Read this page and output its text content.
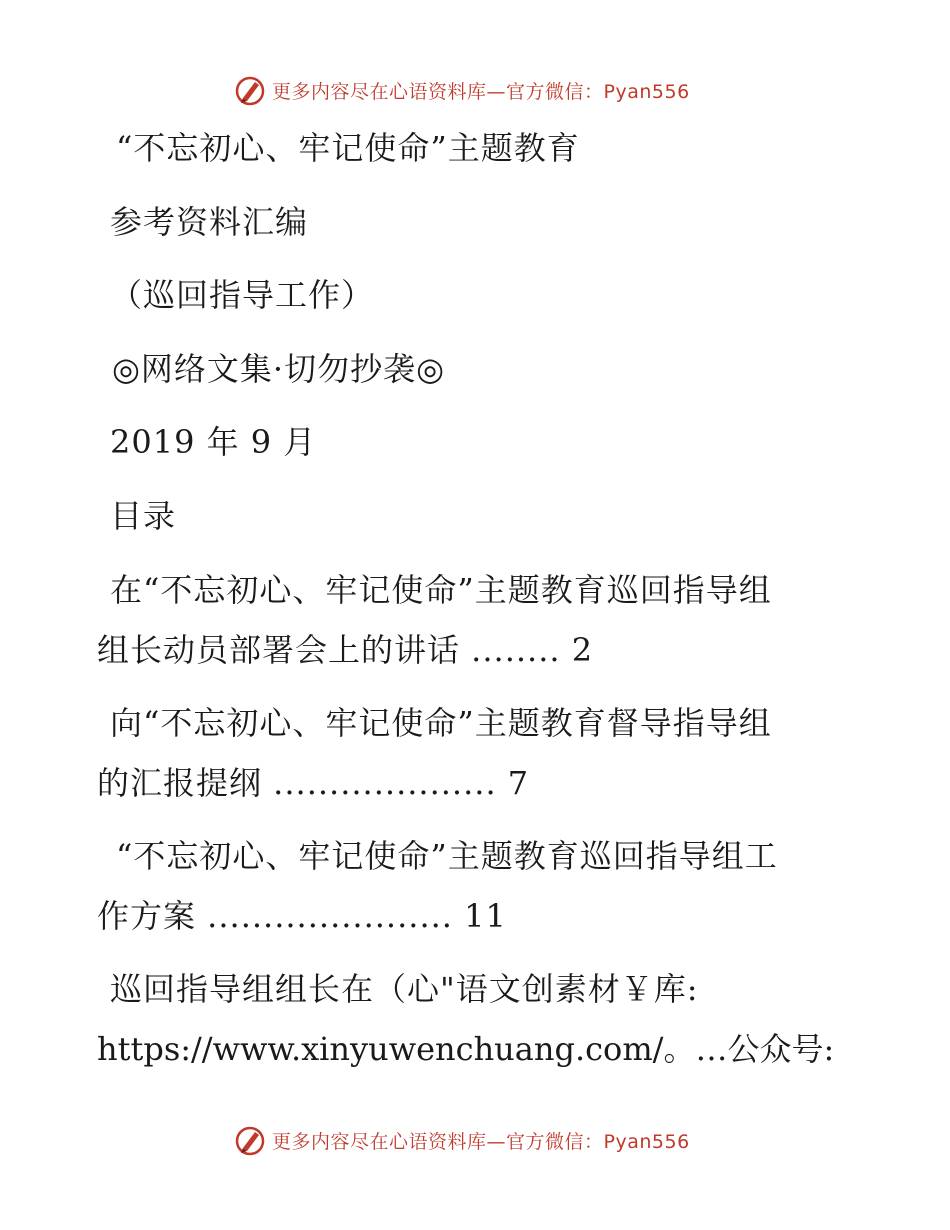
更多内容尽在心语资料库—官方微信：Pyan556
“不忘初心、牢记使命”主题教育
参考资料汇编
（巡回指导工作）
◎网络文集·切勿抄袭◎
2019 年 9 月
目录
在“不忘初心、牢记使命”主题教育巡回指导组
组长动员部署会上的讲话 ........ 2
向“不忘初心、牢记使命”主题教育督导指导组
的汇报提纲 .................... 7
“不忘初心、牢记使命”主题教育巡回指导组工
作方案 ...................... 11
巡回指导组组长在（心"语文创素材￥库:
https://www.xinyuwenchuang.com/。…公众号:
更多内容尽在心语资料库—官方微信：Pyan556
